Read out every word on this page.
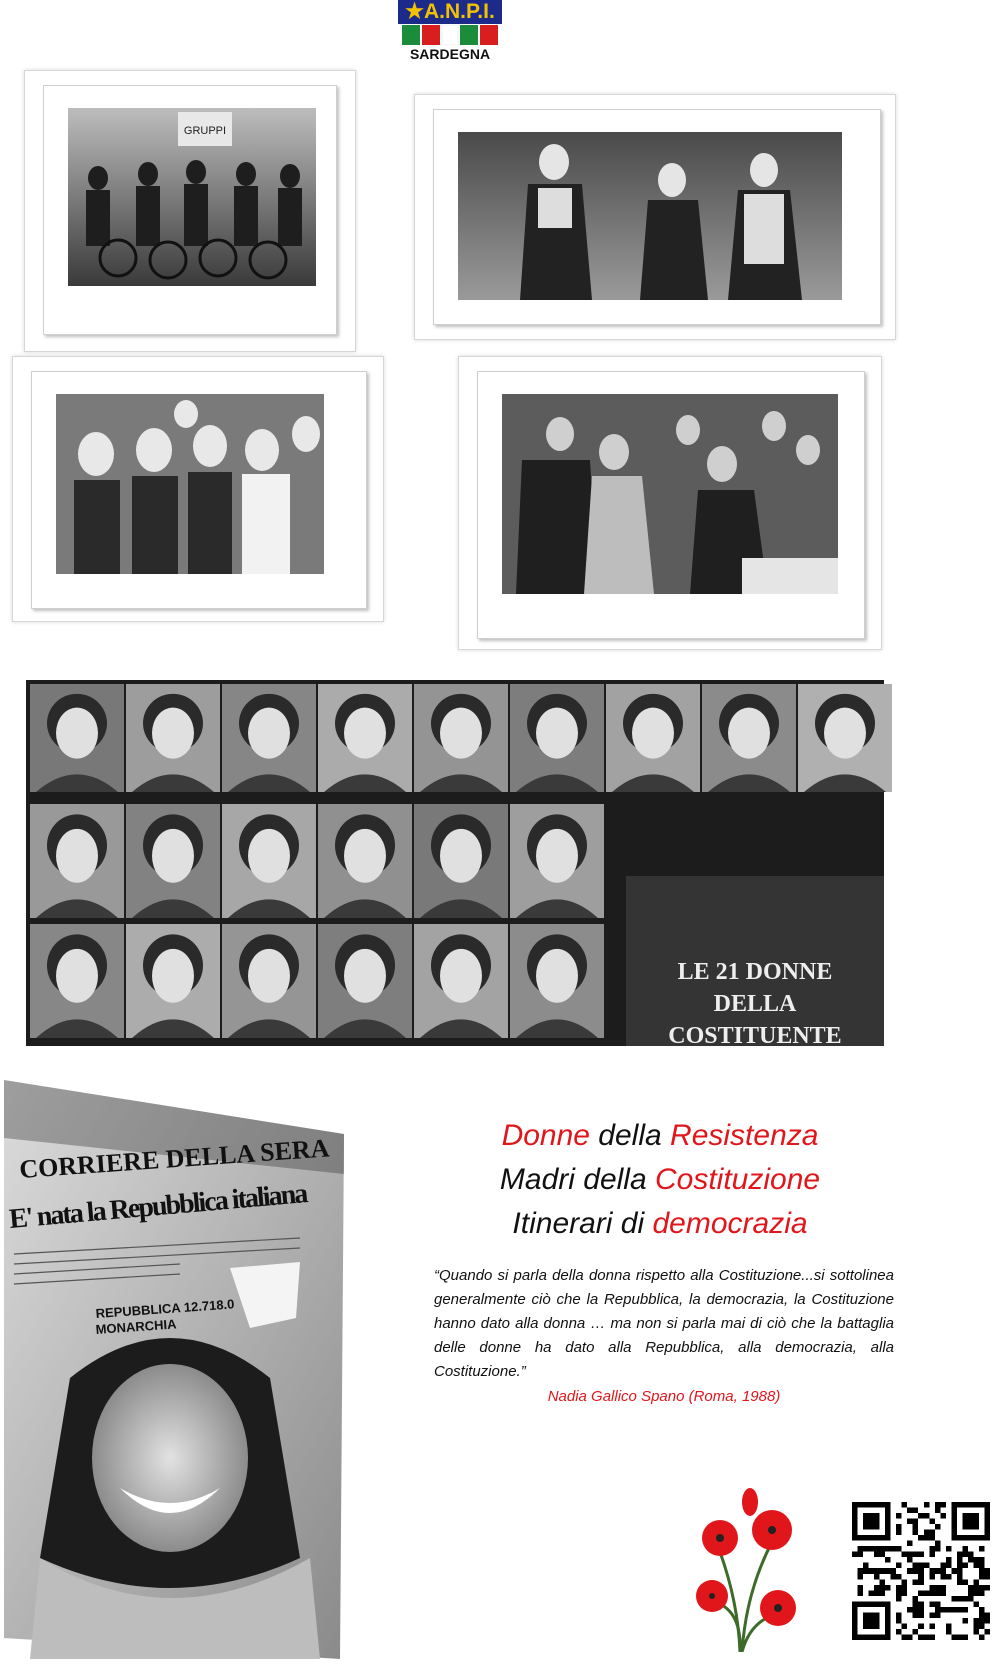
★A.N.P.I.
SARDEGNA
GRUPPI
LE 21 DONNE
DELLA
COSTITUENTE
CORRIERE DELLA SERA
E' nata la Repubblica italiana
REPUBBLICA 12.718.0
MONARCHIA
Donne della Resistenza
Madri della Costituzione
Itinerari di democrazia
“Quando si parla della donna rispetto alla Costituzione...si sottolinea generalmente ciò che la Repubblica, la democrazia, la Costituzione hanno dato alla donna … ma non si parla mai di ciò che la battaglia delle donne ha dato alla Repubblica, alla democrazia, alla Costituzione.”
Nadia Gallico Spano (Roma, 1988)
